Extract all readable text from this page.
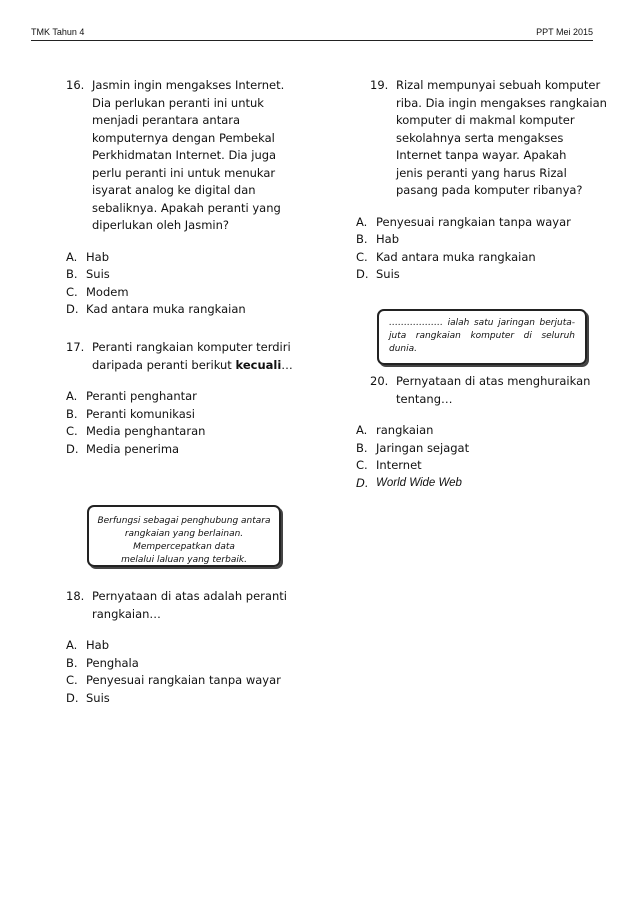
TMK Tahun 4	PPT Mei 2015
16. Jasmin ingin mengakses Internet.
Dia perlukan peranti ini untuk
menjadi perantara antara
komputernya dengan Pembekal
Perkhidmatan Internet. Dia juga
perlu peranti ini untuk menukar
isyarat analog ke digital dan
sebaliknya. Apakah peranti yang
diperlukan oleh Jasmin?
A. Hab
B. Suis
C. Modem
D. Kad antara muka rangkaian
17. Peranti rangkaian komputer terdiri
daripada peranti berikut kecuali…
A. Peranti penghantar
B. Peranti komunikasi
C. Media penghantaran
D. Media penerima
Berfungsi sebagai penghubung antara
rangkaian yang berlainan.
Mempercepatkan data
melalui laluan yang terbaik.
18. Pernyataan di atas adalah peranti
rangkaian…
A. Hab
B. Penghala
C. Penyesuai rangkaian tanpa wayar
D. Suis
19. Rizal mempunyai sebuah komputer
riba. Dia ingin mengakses rangkaian
komputer di makmal komputer
sekolahnya serta mengakses
Internet tanpa wayar. Apakah
jenis peranti yang harus Rizal
pasang pada komputer ribanya?
A. Penyesuai rangkaian tanpa wayar
B. Hab
C. Kad antara muka rangkaian
D. Suis
……………… ialah satu jaringan berjuta-juta rangkaian komputer di seluruh dunia.
20. Pernyataan di atas menghuraikan
tentang…
A. rangkaian
B. Jaringan sejagat
C. Internet
D. World Wide Web
